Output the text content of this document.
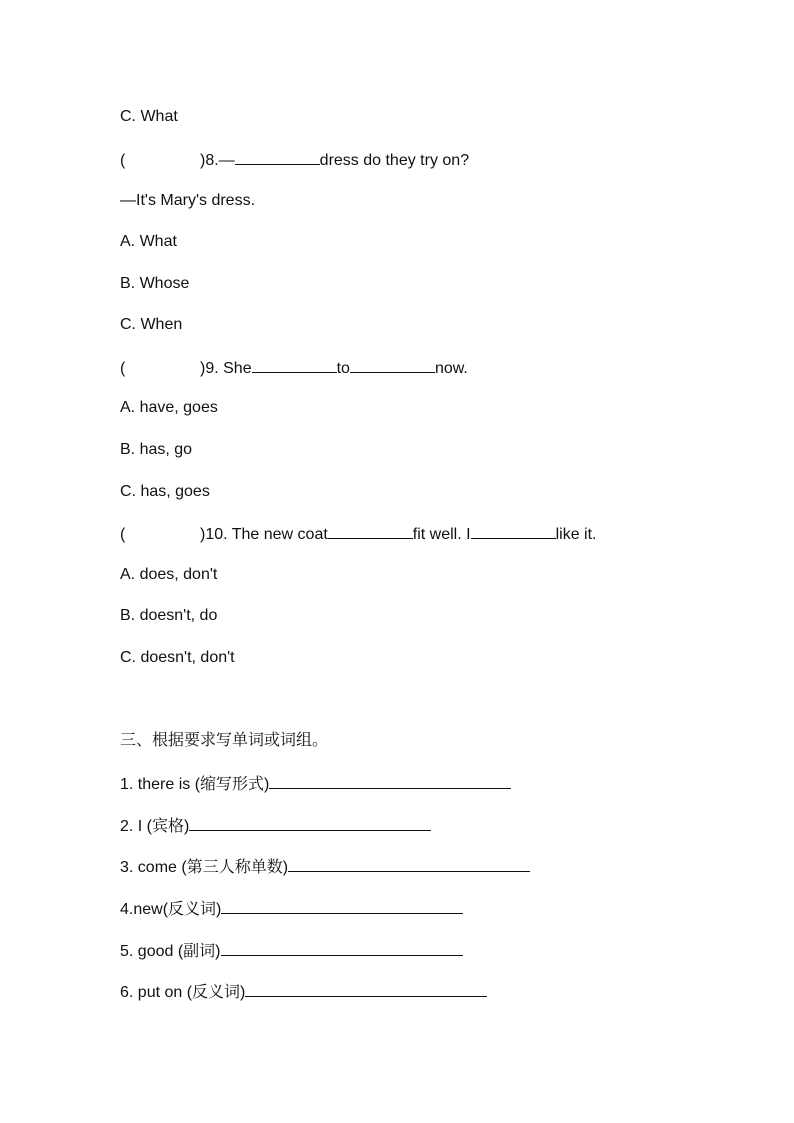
C. What
(	)8.—	dress do they try on?
—It's Mary's dress.
A. What
B. Whose
C. When
(	)9. She	to	now.
A. have, goes
B. has, go
C. has, goes
(	)10. The new coat	fit well. I	like it.
A. does, don't
B. doesn't, do
C. doesn't, don't
三、根据要求写单词或词组。
1. there is (缩写形式)
2. I (宾格)
3. come (第三人称单数)
4.new(反义词)
5. good (副词)
6. put on (反义词)
